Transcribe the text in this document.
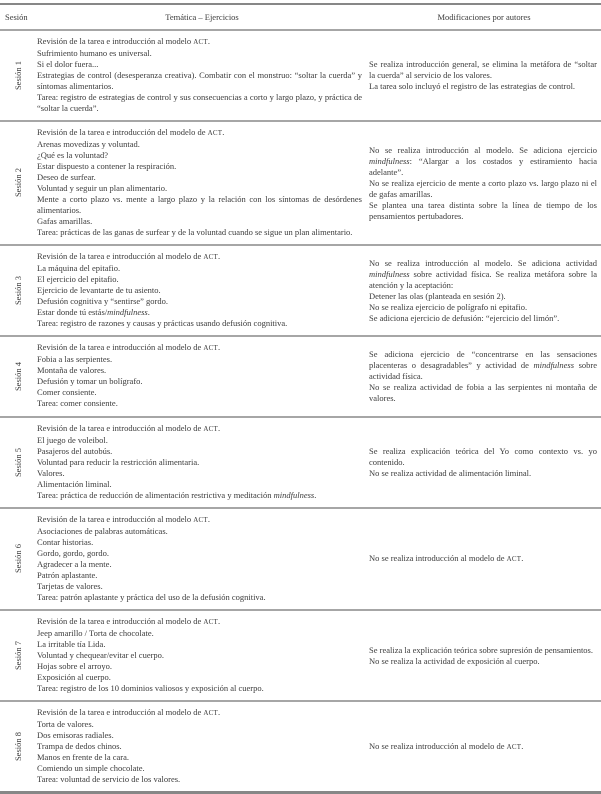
Sesión	Temática – Ejercicios	Modificaciones por autores
Sesión 1

Revisión de la tarea e introducción al modelo ACT.

Sufrimiento humano es universal.

Si el dolor fuera...

Estrategias de control (desesperanza creativa). Combatir con el monstruo: “soltar la cuerda” y síntomas alimentarios.

Tarea: registro de estrategias de control y sus consecuencias a corto y largo plazo, y práctica de “soltar la cuerda”.

Se realiza introducción general, se elimina la metáfora de “soltar la cuerda” al servicio de los valores.

La tarea solo incluyó el registro de las estrategias de control.

Sesión 2

Revisión de la tarea e introducción del modelo de ACT.

Arenas movedizas y voluntad.

¿Qué es la voluntad?

Estar dispuesto a contener la respiración.

Deseo de surfear.

Voluntad y seguir un plan alimentario.

Mente a corto plazo vs. mente a largo plazo y la relación con los síntomas de desórdenes alimentarios.

Gafas amarillas.

Tarea: prácticas de las ganas de surfear y de la voluntad cuando se sigue un plan alimentario.

No se realiza introducción al modelo. Se adiciona ejercicio mindfulness: “Alargar a los costados y estiramiento hacia adelante”.

No se realiza ejercicio de mente a corto plazo vs. largo plazo ni el de gafas amarillas.

Se plantea una tarea distinta sobre la línea de tiempo de los pensamientos pertubadores.

Sesión 3

Revisión de la tarea e introducción al modelo de ACT.

La máquina del epitafio.

El ejercicio del epitafio.

Ejercicio de levantarte de tu asiento.

Defusión cognitiva y “sentirse” gordo.

Estar donde tú estás/mindfulness.

Tarea: registro de razones y causas y prácticas usando defusión cognitiva.

No se realiza introducción al modelo. Se adiciona actividad mindfulness sobre actividad física. Se realiza metáfora sobre la atención y la aceptación:

Detener las olas (planteada en sesión 2).

No se realiza ejercicio de polígrafo ni epitafio.

Se adiciona ejercicio de defusión: “ejercicio del limón”.

Sesión 4

Revisión de la tarea e introducción al modelo de ACT.

Fobia a las serpientes.

Montaña de valores.

Defusión y tomar un bolígrafo.

Comer consiente.

Tarea: comer consiente.

Se adiciona ejercicio de “concentrarse en las sensaciones placenteras o desagradables” y actividad de mindfulness sobre actividad física.

No se realiza actividad de fobia a las serpientes ni montaña de valores.

Sesión 5

Revisión de la tarea e introducción al modelo de ACT.

El juego de voleibol.

Pasajeros del autobús.

Voluntad para reducir la restricción alimentaria.

Valores.

Alimentación liminal.

Tarea: práctica de reducción de alimentación restrictiva y meditación mindfulness.

Se realiza explicación teórica del Yo como contexto vs. yo contenido.

No se realiza actividad de alimentación liminal.

Sesión 6

Revisión de la tarea e introducción al modelo ACT.

Asociaciones de palabras automáticas.

Contar historias.

Gordo, gordo, gordo.

Agradecer a la mente.

Patrón aplastante.

Tarjetas de valores.

Tarea: patrón aplastante y práctica del uso de la defusión cognitiva.

No se realiza introducción al modelo de ACT.

Sesión 7

Revisión de la tarea e introducción al modelo de ACT.

Jeep amarillo / Torta de chocolate.

La irritable tía Lida.

Voluntad y chequear/evitar el cuerpo.

Hojas sobre el arroyo.

Exposición al cuerpo.

Tarea: registro de los 10 dominios valiosos y exposición al cuerpo.

Se realiza la explicación teórica sobre supresión de pensamientos.

No se realiza la actividad de exposición al cuerpo.

Sesión 8

Revisión de la tarea e introducción al modelo de ACT.

Torta de valores.

Dos emisoras radiales.

Trampa de dedos chinos.

Manos en frente de la cara.

Comiendo un simple chocolate.

Tarea: voluntad de servicio de los valores.

No se realiza introducción al modelo de ACT.
